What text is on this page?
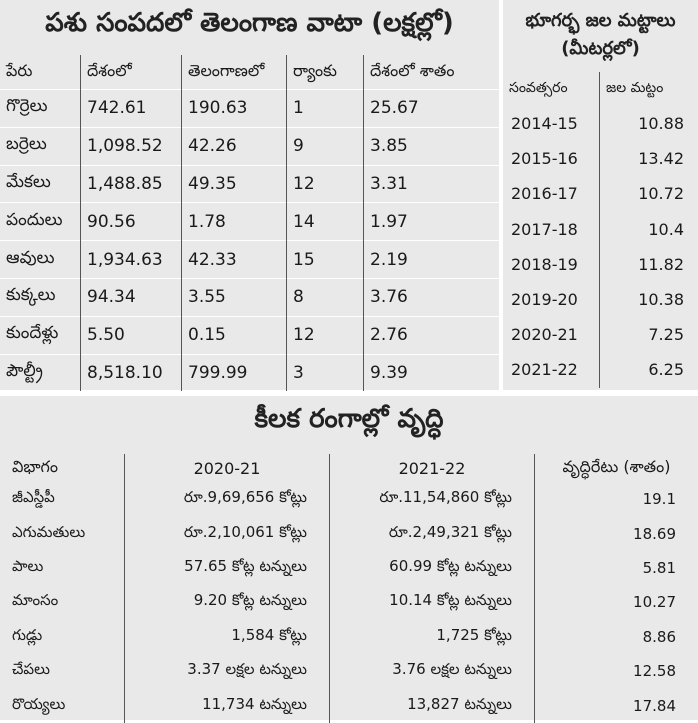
పశు సంపదలో తెలంగాణ వాటా (లక్షల్లో)
పేరు	దేశంలో	తెలంగాణలో	ర్యాంకు	దేశంలో శాతం
గొర్రెలు	742.61	190.63	1	25.67
బర్రెలు	1,098.52	42.26	9	3.85
మేకలు	1,488.85	49.35	12	3.31
పందులు	90.56	1.78	14	1.97
ఆవులు	1,934.63	42.33	15	2.19
కుక్కలు	94.34	3.55	8	3.76
కుందేళ్లు	5.50	0.15	12	2.76
పౌల్ట్రీ	8,518.10	799.99	3	9.39
భూగర్భ జల మట్టాలు
(మీటర్లలో)
సంవత్సరం	జల మట్టం
2014-15	10.88
2015-16	13.42
2016-17	10.72
2017-18	10.4
2018-19	11.82
2019-20	10.38
2020-21	7.25
2021-22	6.25
కీలక రంగాల్లో వృద్ధి
విభాగం	2020-21	2021-22	వృద్ధిరేటు (శాతం)
జీఎస్డీపీ	రూ.9,69,656 కోట్లు	రూ.11,54,860 కోట్లు	19.1
ఎగుమతులు	రూ.2,10,061 కోట్లు	రూ.2,49,321 కోట్లు	18.69
పాలు	57.65 కోట్ల టన్నులు	60.99 కోట్ల టన్నులు	5.81
మాంసం	9.20 కోట్ల టన్నులు	10.14 కోట్ల టన్నులు	10.27
గుడ్లు	1,584 కోట్లు	1,725 కోట్లు	8.86
చేపలు	3.37 లక్షల టన్నులు	3.76 లక్షల టన్నులు	12.58
రొయ్యలు	11,734 టన్నులు	13,827 టన్నులు	17.84
